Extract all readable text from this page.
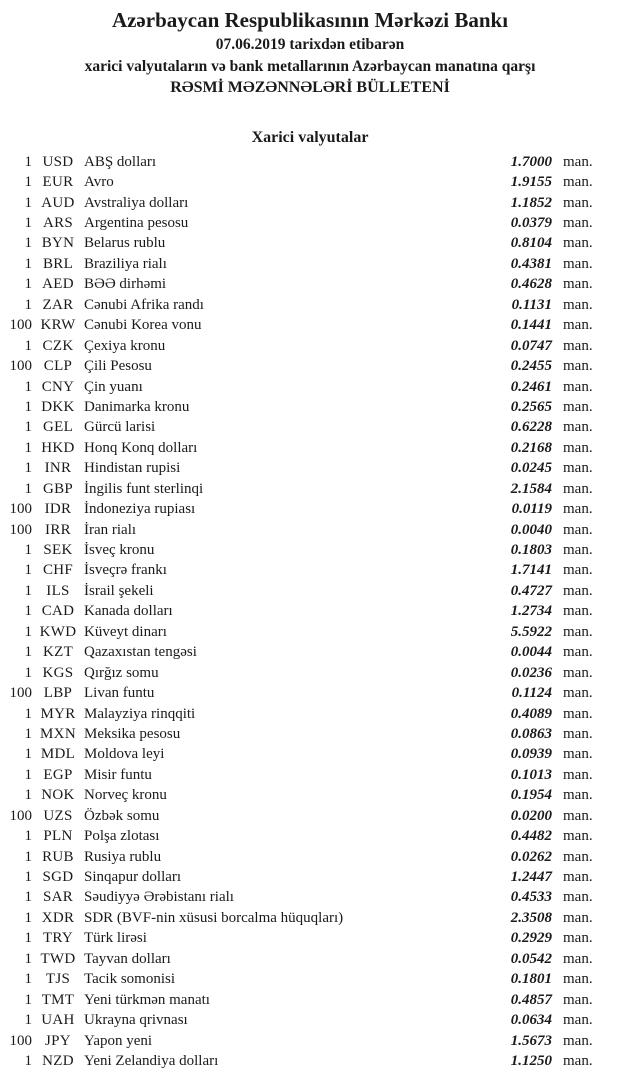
Azərbaycan Respublikasının Mərkəzi Bankı
07.06.2019 tarixdən etibarən
xarici valyutaların və bank metallarının Azərbaycan manatına qarşı
RƏSMİ MƏZƏNNƏLƏRİ BÜLLETENİ
Xarici valyutalar
1 USD ABŞ dolları	1.7000 man.
1 EUR Avro	1.9155 man.
1 AUD Avstraliya dolları	1.1852 man.
1 ARS Argentina pesosu	0.0379 man.
1 BYN Belarus rublu	0.8104 man.
1 BRL Braziliya rialı	0.4381 man.
1 AED BƏƏ dirhəmi	0.4628 man.
1 ZAR Cənubi Afrika randı	0.1131 man.
100 KRW Cənubi Korea vonu	0.1441 man.
1 CZK Çexiya kronu	0.0747 man.
100 CLP Çili Pesosu	0.2455 man.
1 CNY Çin yuanı	0.2461 man.
1 DKK Danimarka kronu	0.2565 man.
1 GEL Gürcü larisi	0.6228 man.
1 HKD Honq Konq dolları	0.2168 man.
1 INR Hindistan rupisi	0.0245 man.
1 GBP İngilis funt sterlinqi	2.1584 man.
100 IDR İndoneziya rupiası	0.0119 man.
100 IRR İran rialı	0.0040 man.
1 SEK İsveç kronu	0.1803 man.
1 CHF İsveçrə frankı	1.7141 man.
1 ILS İsrail şekeli	0.4727 man.
1 CAD Kanada dolları	1.2734 man.
1 KWD Küveyt dinarı	5.5922 man.
1 KZT Qazaxıstan tengəsi	0.0044 man.
1 KGS Qırğız somu	0.0236 man.
100 LBP Livan funtu	0.1124 man.
1 MYR Malayziya rinqqiti	0.4089 man.
1 MXN Meksika pesosu	0.0863 man.
1 MDL Moldova leyi	0.0939 man.
1 EGP Misir funtu	0.1013 man.
1 NOK Norveç kronu	0.1954 man.
100 UZS Özbək somu	0.0200 man.
1 PLN Polşa zlotası	0.4482 man.
1 RUB Rusiya rublu	0.0262 man.
1 SGD Sinqapur dolları	1.2447 man.
1 SAR Səudiyyə Ərəbistanı rialı	0.4533 man.
1 XDR SDR (BVF-nin xüsusi borcalma hüquqları)	2.3508 man.
1 TRY Türk lirəsi	0.2929 man.
1 TWD Tayvan dolları	0.0542 man.
1 TJS Tacik somonisi	0.1801 man.
1 TMT Yeni türkmən manatı	0.4857 man.
1 UAH Ukrayna qrivnası	0.0634 man.
100 JPY Yapon yeni	1.5673 man.
1 NZD Yeni Zelandiya dolları	1.1250 man.
